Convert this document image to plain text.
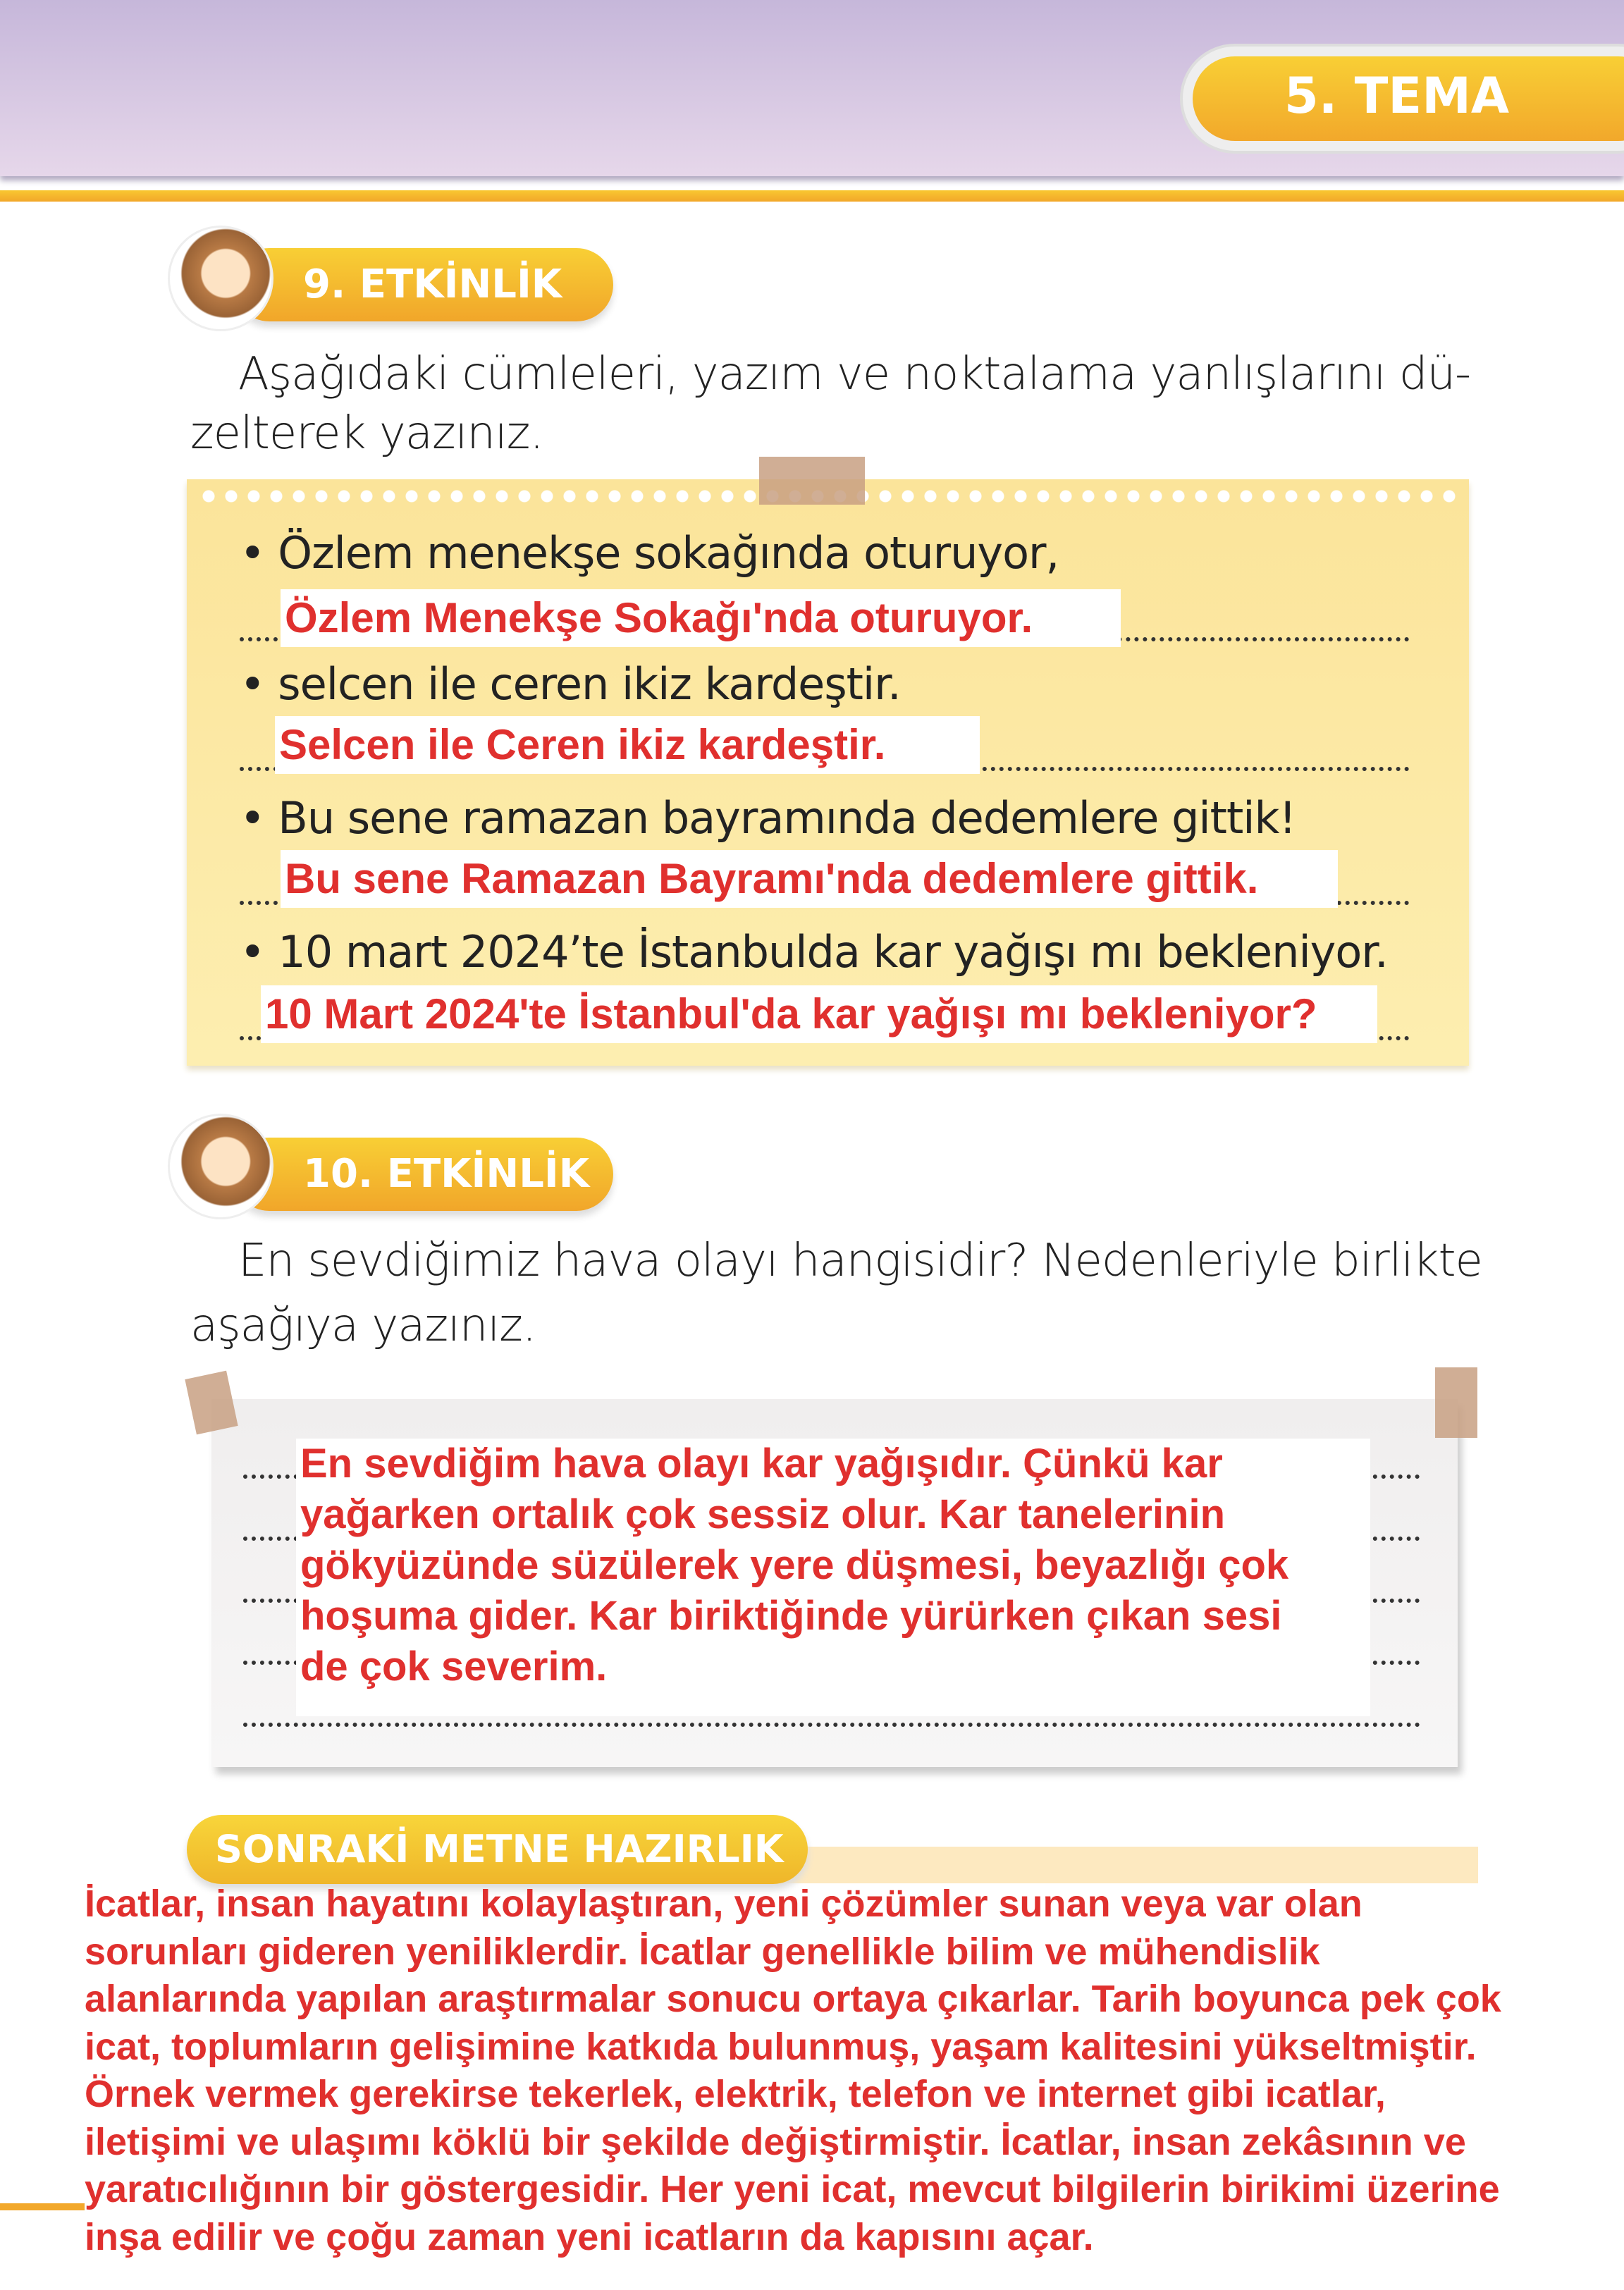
5. TEMA
9. ETKİNLİK
Aşağıdaki cümleleri, yazım ve noktalama yanlışlarını dü-
zelterek yazınız.
• Özlem menekşe sokağında oturuyor,
Özlem Menekşe Sokağı'nda oturuyor.
• selcen ile ceren ikiz kardeştir.
Selcen ile Ceren ikiz kardeştir.
• Bu sene ramazan bayramında dedemlere gittik!
Bu sene Ramazan Bayramı'nda dedemlere gittik.
• 10 mart 2024’te İstanbulda kar yağışı mı bekleniyor.
10 Mart 2024'te İstanbul'da kar yağışı mı bekleniyor?
10. ETKİNLİK
En sevdiğimiz hava olayı hangisidir? Nedenleriyle birlikte
aşağıya yazınız.
En sevdiğim hava olayı kar yağışıdır. Çünkü kar
yağarken ortalık çok sessiz olur. Kar tanelerinin
gökyüzünde süzülerek yere düşmesi, beyazlığı çok
hoşuma gider. Kar biriktiğinde yürürken çıkan sesi
de çok severim.
SONRAKİ METNE HAZIRLIK
İcatlar, insan hayatını kolaylaştıran, yeni çözümler sunan veya var olan
sorunları gideren yeniliklerdir. İcatlar genellikle bilim ve mühendislik
alanlarında yapılan araştırmalar sonucu ortaya çıkarlar. Tarih boyunca pek çok
icat, toplumların gelişimine katkıda bulunmuş, yaşam kalitesini yükseltmiştir.
Örnek vermek gerekirse tekerlek, elektrik, telefon ve internet gibi icatlar,
iletişimi ve ulaşımı köklü bir şekilde değiştirmiştir. İcatlar, insan zekâsının ve
yaratıcılığının bir göstergesidir. Her yeni icat, mevcut bilgilerin birikimi üzerine
inşa edilir ve çoğu zaman yeni icatların da kapısını açar.
